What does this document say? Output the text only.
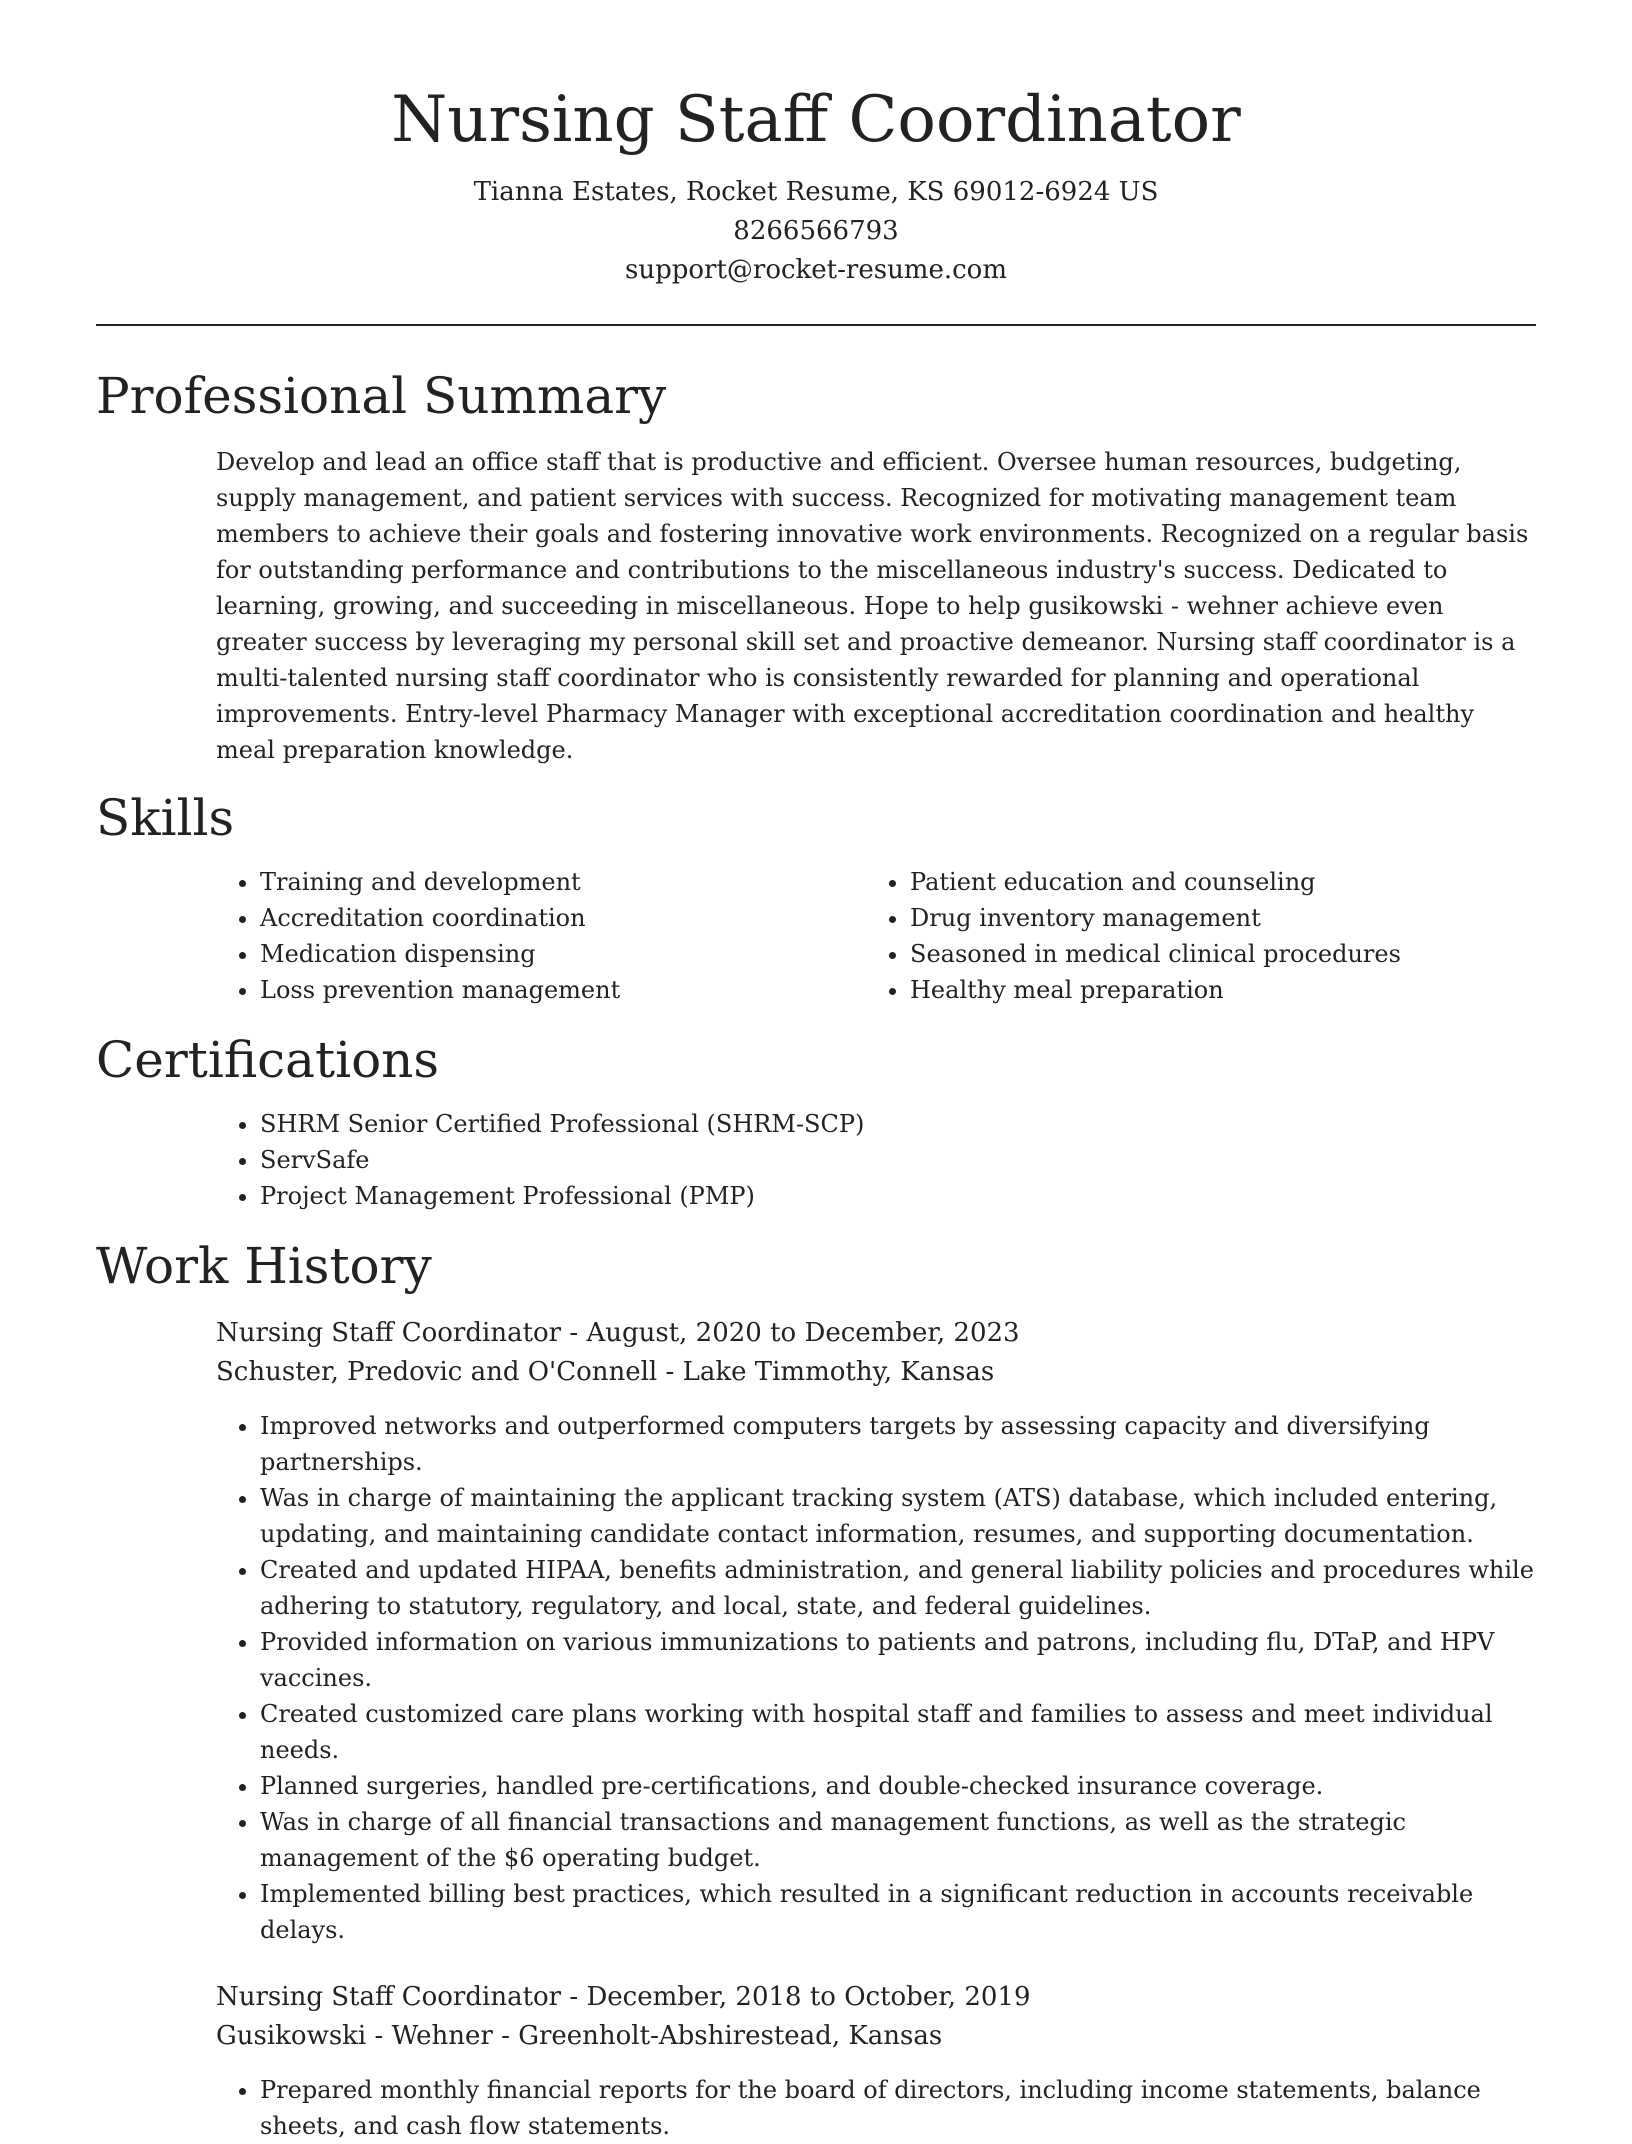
Nursing Staff Coordinator

Tianna Estates, Rocket Resume, KS 69012-6924 US

8266566793

support@rocket-resume.com

Professional Summary
Develop and lead an office staff that is productive and efficient. Oversee human resources, budgeting, supply management, and patient services with success. Recognized for motivating management team members to achieve their goals and fostering innovative work environments. Recognized on a regular basis for outstanding performance and contributions to the miscellaneous industry's success. Dedicated to learning, growing, and succeeding in miscellaneous. Hope to help gusikowski - wehner achieve even greater success by leveraging my personal skill set and proactive demeanor. Nursing staff coordinator is a multi-talented nursing staff coordinator who is consistently rewarded for planning and operational improvements. Entry-level Pharmacy Manager with exceptional accreditation coordination and healthy meal preparation knowledge.
Skills
• Training and development
• Accreditation coordination
• Medication dispensing
• Loss prevention management
• Patient education and counseling
• Drug inventory management
• Seasoned in medical clinical procedures
• Healthy meal preparation
Certifications
• SHRM Senior Certified Professional (SHRM-SCP)
• ServSafe
• Project Management Professional (PMP)
Work History
Nursing Staff Coordinator - August, 2020 to December, 2023
Schuster, Predovic and O'Connell - Lake Timmothy, Kansas
• Improved networks and outperformed computers targets by assessing capacity and diversifying partnerships.
• Was in charge of maintaining the applicant tracking system (ATS) database, which included entering, updating, and maintaining candidate contact information, resumes, and supporting documentation.
• Created and updated HIPAA, benefits administration, and general liability policies and procedures while adhering to statutory, regulatory, and local, state, and federal guidelines.
• Provided information on various immunizations to patients and patrons, including flu, DTaP, and HPV vaccines.
• Created customized care plans working with hospital staff and families to assess and meet individual needs.
• Planned surgeries, handled pre-certifications, and double-checked insurance coverage.
• Was in charge of all financial transactions and management functions, as well as the strategic management of the $6 operating budget.
• Implemented billing best practices, which resulted in a significant reduction in accounts receivable delays.
Nursing Staff Coordinator - December, 2018 to October, 2019
Gusikowski - Wehner - Greenholt-Abshirestead, Kansas
• Prepared monthly financial reports for the board of directors, including income statements, balance sheets, and cash flow statements.
